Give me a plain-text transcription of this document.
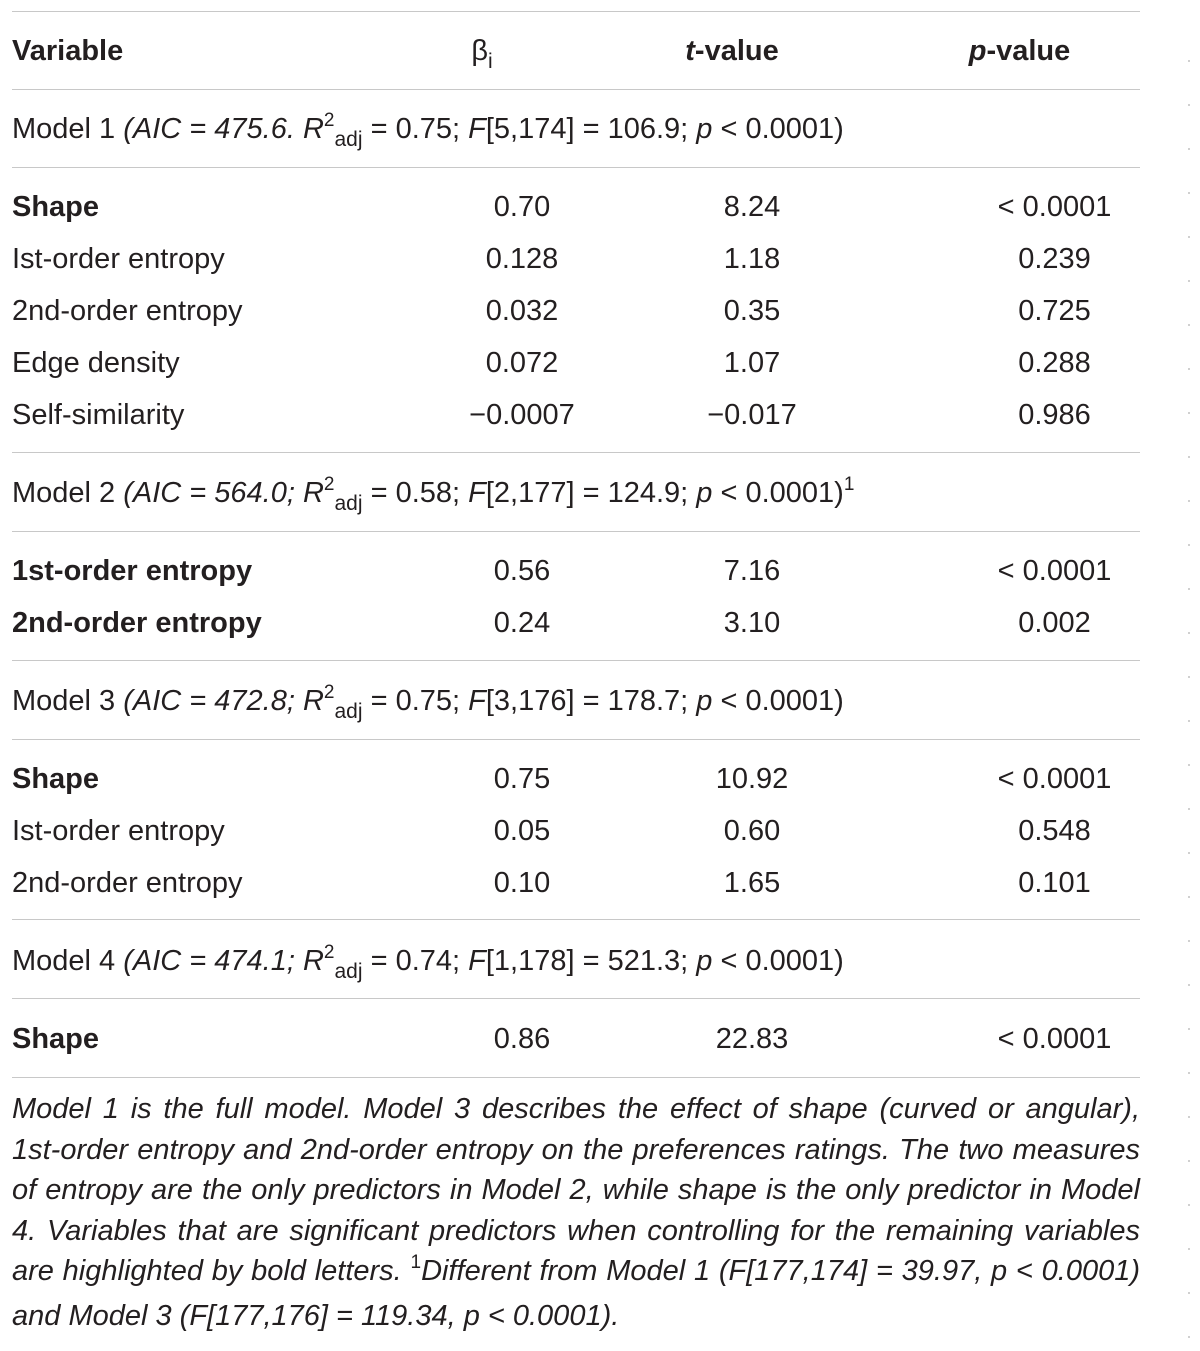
Variable	$\beta_i$	t-value	p-value
Model 1 (AIC = 475.6. $R^2_{adj} = 0.75$; F[5,174] = 106.9; p < 0.0001)
Shape	0.70	8.24	< 0.0001
Ist-order entropy	0.128	1.18	0.239
2nd-order entropy	0.032	0.35	0.725
Edge density	0.072	1.07	0.288
Self-similarity	−0.0007	−0.017	0.986
Model 2 (AIC = 564.0; $R^2_{adj} = 0.58$; F[2,177] = 124.9; p < 0.0001)$^1$
1st-order entropy	0.56	7.16	< 0.0001
2nd-order entropy	0.24	3.10	0.002
Model 3 (AIC = 472.8; $R^2_{adj} = 0.75$; F[3,176] = 178.7; p < 0.0001)
Shape	0.75	10.92	< 0.0001
Ist-order entropy	0.05	0.60	0.548
2nd-order entropy	0.10	1.65	0.101
Model 4 (AIC = 474.1; $R^2_{adj} = 0.74$; F[1,178] = 521.3; p < 0.0001)
Shape	0.86	22.83	< 0.0001
Model 1 is the full model. Model 3 describes the effect of shape (curved or angular), 1st-order entropy and 2nd-order entropy on the preferences ratings. The two measures of entropy are the only predictors in Model 2, while shape is the only predictor in Model 4. Variables that are significant predictors when controlling for the remaining variables are highlighted by bold letters. $^1$Different from Model 1 (F[177,174] = 39.97, p < 0.0001) and Model 3 (F[177,176] = 119.34, p < 0.0001).
